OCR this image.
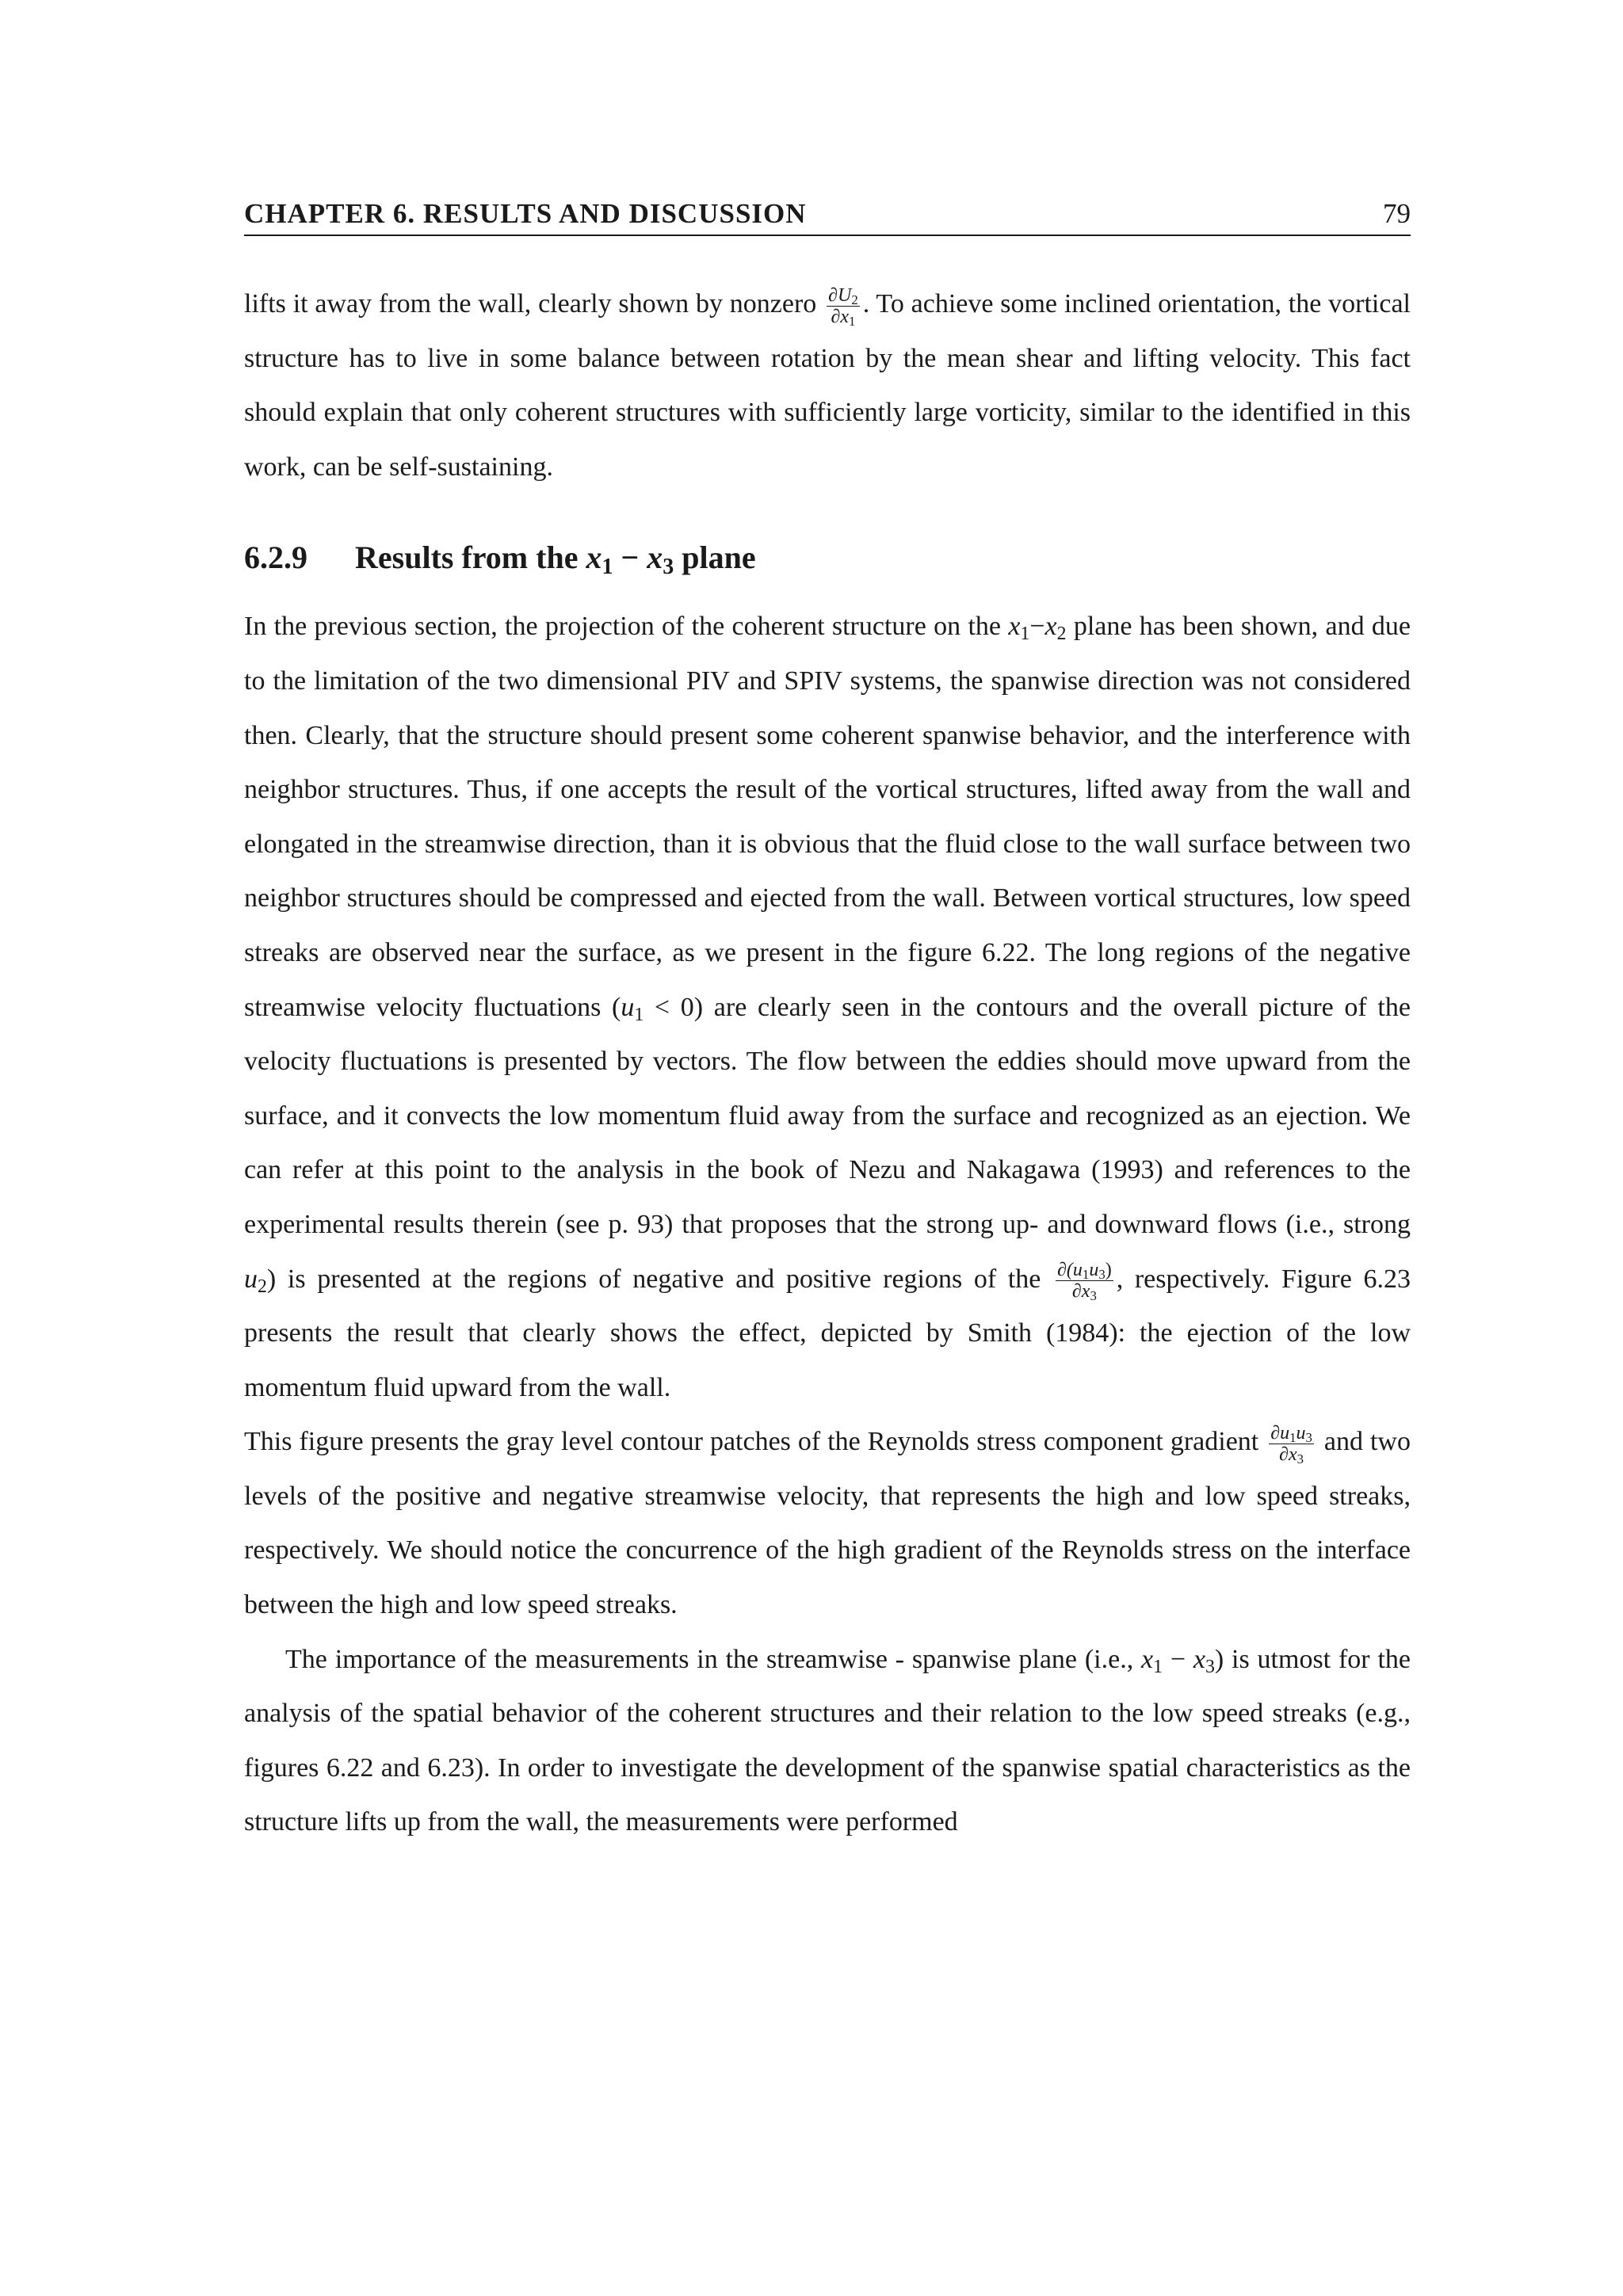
CHAPTER 6. RESULTS AND DISCUSSION	79

lifts it away from the wall, clearly shown by nonzero $\frac{\partial U_2}{\partial x_1}$ . To achieve some inclined orientation, the vortical structure has to live in some balance between rotation by the mean shear and lifting velocity. This fact should explain that only coherent structures with sufficiently large vorticity, similar to the identified in this work, can be self-sustaining.

6.2.9	Results from the $x_1 - x_3$ plane

In the previous section, the projection of the coherent structure on the $x_1-x_2$ plane has been shown, and due to the limitation of the two dimensional PIV and SPIV systems, the spanwise direction was not considered then. Clearly, that the structure should present some coherent spanwise behavior, and the interference with neighbor structures. Thus, if one accepts the result of the vortical structures, lifted away from the wall and elongated in the streamwise direction, than it is obvious that the fluid close to the wall surface between two neighbor structures should be compressed and ejected from the wall. Between vortical structures, low speed streaks are observed near the surface, as we present in the figure 6.22. The long regions of the negative streamwise velocity fluctuations $(u_1 < 0)$ are clearly seen in the contours and the overall picture of the velocity fluctuations is presented by vectors. The flow between the eddies should move upward from the surface, and it convects the low momentum fluid away from the surface and recognized as an ejection. We can refer at this point to the analysis in the book of Nezu and Nakagawa (1993) and references to the experimental results therein (see p. 93) that proposes that the strong up- and downward flows (i.e., strong $u_2$) is presented at the regions of negative and positive regions of the $\frac{\partial(u_1u_3)}{\partial x_3}$ , respectively. Figure 6.23 presents the result that clearly shows the effect, depicted by Smith (1984): the ejection of the low momentum fluid upward from the wall.

This figure presents the gray level contour patches of the Reynolds stress component gradient $\frac{\partial u_1u_3}{\partial x_3}$ and two levels of the positive and negative streamwise velocity, that represents the high and low speed streaks, respectively. We should notice the concurrence of the high gradient of the Reynolds stress on the interface between the high and low speed streaks.

The importance of the measurements in the streamwise - spanwise plane (i.e., $x_1 - x_3$) is utmost for the analysis of the spatial behavior of the coherent structures and their relation to the low speed streaks (e.g., figures 6.22 and 6.23). In order to investigate the development of the spanwise spatial characteristics as the structure lifts up from the wall, the measurements were performed
